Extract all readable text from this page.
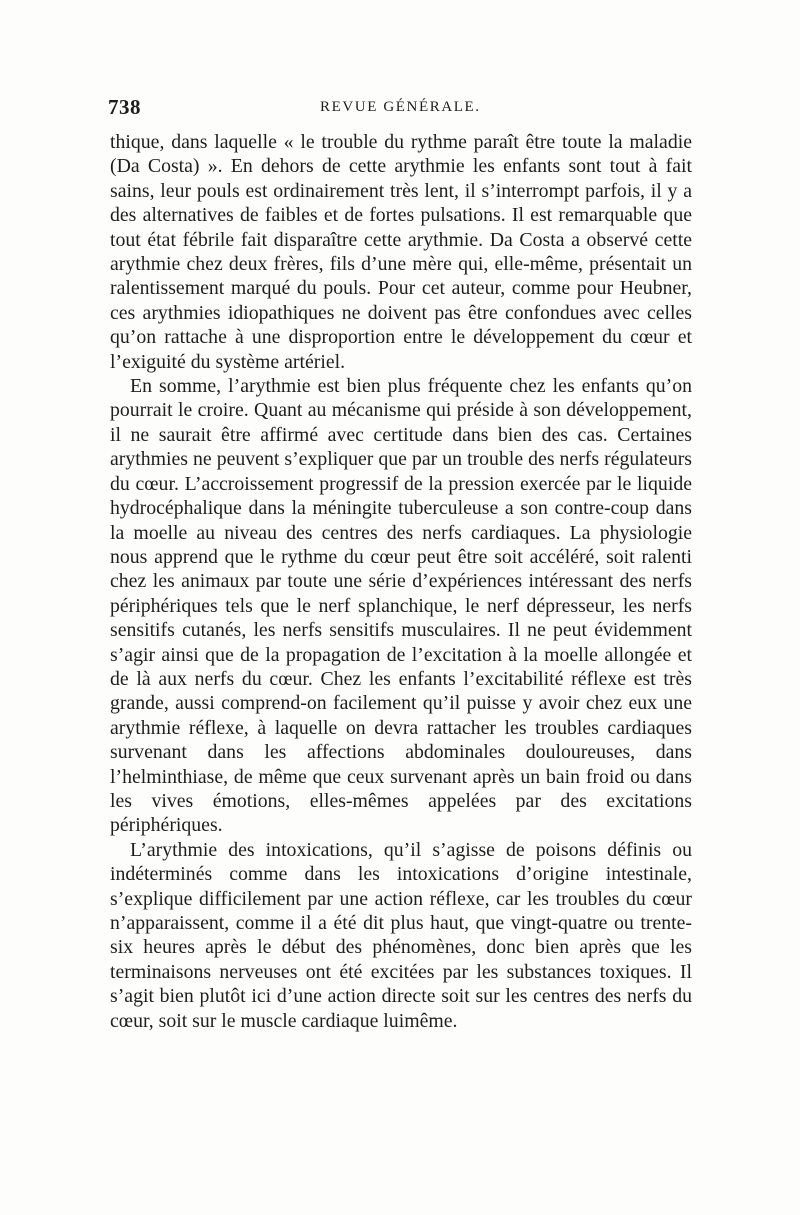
738	REVUE GÉNÉRALE.

thique, dans laquelle « le trouble du rythme paraît être toute la maladie (Da Costa) ». En dehors de cette arythmie les enfants sont tout à fait sains, leur pouls est ordinairement très lent, il s’interrompt parfois, il y a des alternatives de faibles et de fortes pulsations. Il est remarquable que tout état fébrile fait disparaître cette arythmie. Da Costa a observé cette arythmie chez deux frères, fils d’une mère qui, elle-même, présentait un ralentissement marqué du pouls. Pour cet auteur, comme pour Heubner, ces arythmies idiopathiques ne doivent pas être confondues avec celles qu’on rattache à une disproportion entre le développement du cœur et l’exiguité du système artériel.

En somme, l’arythmie est bien plus fréquente chez les enfants qu’on pourrait le croire. Quant au mécanisme qui préside à son développement, il ne saurait être affirmé avec certitude dans bien des cas. Certaines arythmies ne peuvent s’expliquer que par un trouble des nerfs régulateurs du cœur. L’accroissement progressif de la pression exercée par le liquide hydrocéphalique dans la méningite tuberculeuse a son contre-coup dans la moelle au niveau des centres des nerfs cardiaques. La physiologie nous apprend que le rythme du cœur peut être soit accéléré, soit ralenti chez les animaux par toute une série d’expériences intéressant des nerfs périphériques tels que le nerf splanchique, le nerf dépresseur, les nerfs sensitifs cutanés, les nerfs sensitifs musculaires. Il ne peut évidemment s’agir ainsi que de la propagation de l’excitation à la moelle allongée et de là aux nerfs du cœur. Chez les enfants l’excitabilité réflexe est très grande, aussi comprend-on facilement qu’il puisse y avoir chez eux une arythmie réflexe, à laquelle on devra rattacher les troubles cardiaques survenant dans les affections abdominales douloureuses, dans l’helminthiase, de même que ceux survenant après un bain froid ou dans les vives émotions, elles-mêmes appelées par des excitations périphériques.

L’arythmie des intoxications, qu’il s’agisse de poisons définis ou indéterminés comme dans les intoxications d’origine intestinale, s’explique difficilement par une action réflexe, car les troubles du cœur n’apparaissent, comme il a été dit plus haut, que vingt-quatre ou trente-six heures après le début des phénomènes, donc bien après que les terminaisons nerveuses ont été excitées par les substances toxiques. Il s’agit bien plutôt ici d’une action directe soit sur les centres des nerfs du cœur, soit sur le muscle cardiaque luimême.
